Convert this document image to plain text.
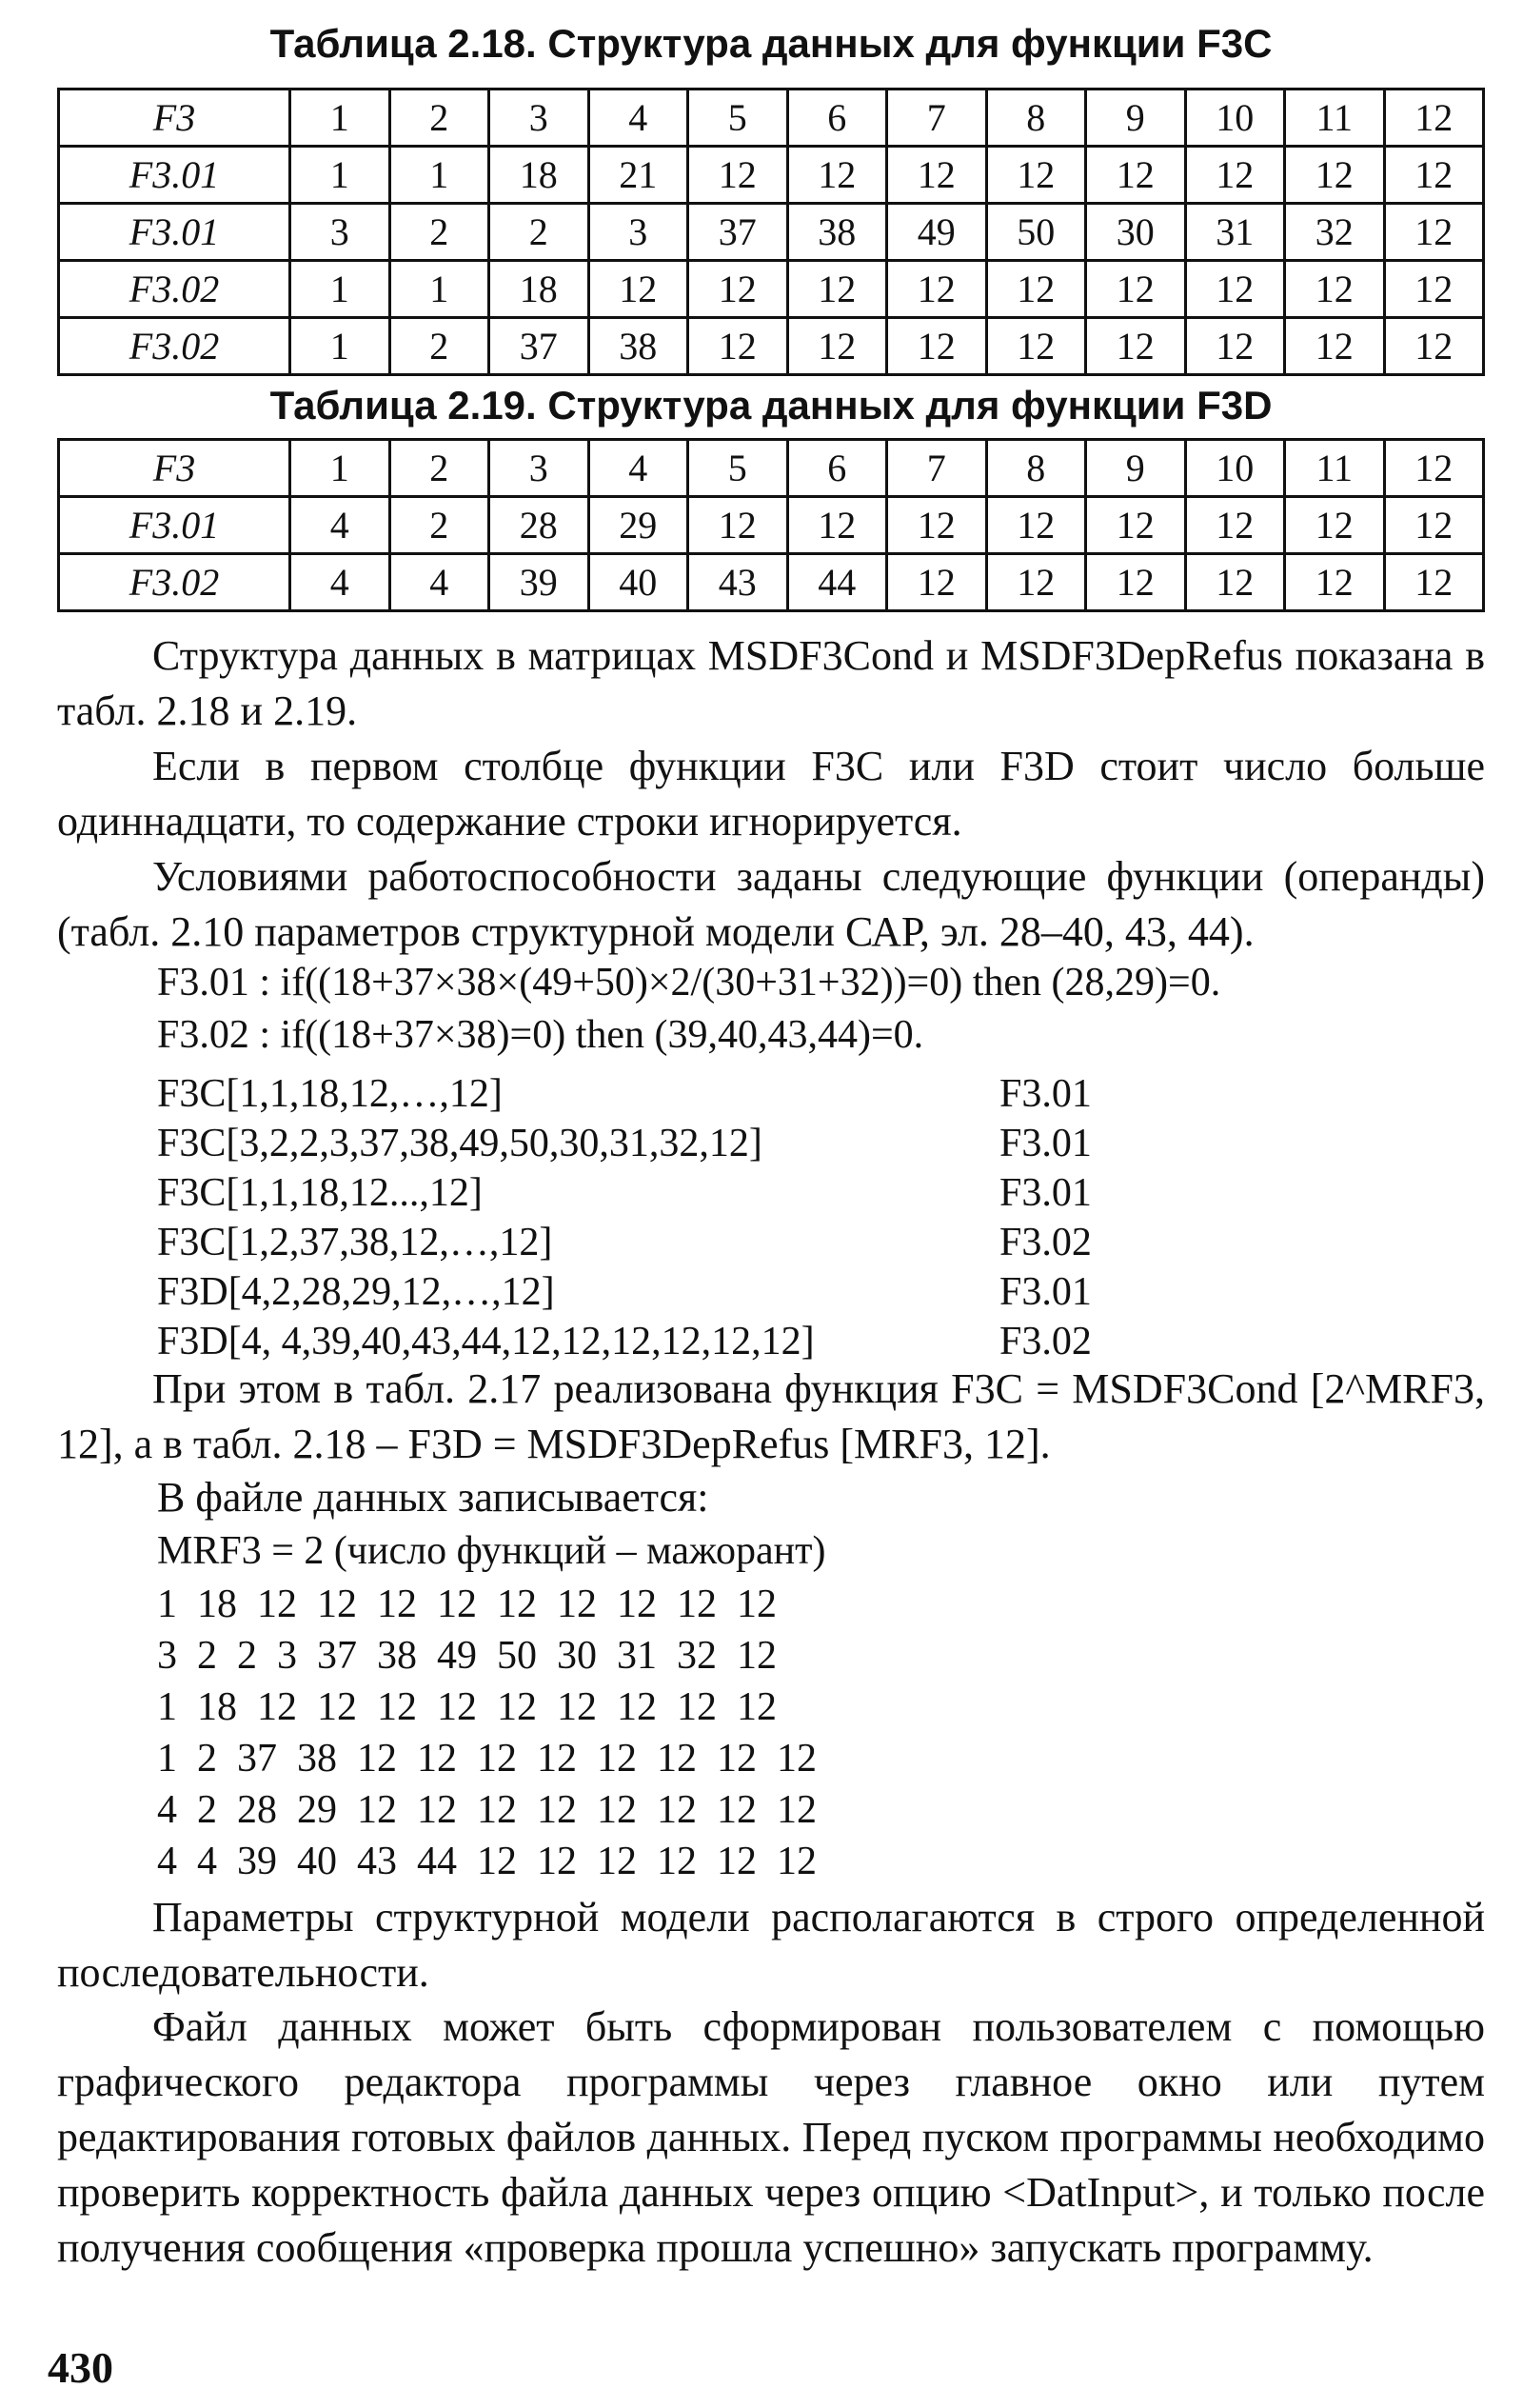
Таблица 2.18. Структура данных для функции F3C
F3	1	2	3	4	5	6	7	8	9	10	11	12
F3.01	1	1	18	21	12	12	12	12	12	12	12	12
F3.01	3	2	2	3	37	38	49	50	30	31	32	12
F3.02	1	1	18	12	12	12	12	12	12	12	12	12
F3.02	1	2	37	38	12	12	12	12	12	12	12	12
Таблица 2.19. Структура данных для функции F3D
F3	1	2	3	4	5	6	7	8	9	10	11	12
F3.01	4	2	28	29	12	12	12	12	12	12	12	12
F3.02	4	4	39	40	43	44	12	12	12	12	12	12
Структура данных в матрицах MSDF3Cond и MSDF3DepRefus показана в табл. 2.18 и 2.19.
Если в первом столбце функции F3C или F3D стоит число больше одиннадцати, то содержание строки игнорируется.
Условиями работоспособности заданы следующие функции (операнды) (табл. 2.10 параметров структурной модели САР, эл. 28–40, 43, 44).
F3.01 : if((18+37×38×(49+50)×2/(30+31+32))=0) then (28,29)=0.
F3.02 : if((18+37×38)=0) then (39,40,43,44)=0.
F3C[1,1,18,12,…,12]	F3.01
F3C[3,2,2,3,37,38,49,50,30,31,32,12]	F3.01
F3C[1,1,18,12...,12]	F3.01
F3C[1,2,37,38,12,…,12]	F3.02
F3D[4,2,28,29,12,…,12]	F3.01
F3D[4, 4,39,40,43,44,12,12,12,12,12,12]	F3.02
При этом в табл. 2.17 реализована функция F3C = MSDF3Cond [2^MRF3, 12], а в табл. 2.18 – F3D = MSDF3DepRefus [MRF3, 12].
В файле данных записывается:
MRF3 = 2 (число функций – мажорант)
1  18  12  12  12  12  12  12  12  12  12
3  2  2  3  37  38  49  50  30  31  32  12
1  18  12  12  12  12  12  12  12  12  12
1  2  37  38  12  12  12  12  12  12  12  12
4  2  28  29  12  12  12  12  12  12  12  12
4  4  39  40  43  44  12  12  12  12  12  12
Параметры структурной модели располагаются в строго определенной последовательности.
Файл данных может быть сформирован пользователем с помощью графического редактора программы через главное окно или путем редактирования готовых файлов данных. Перед пуском программы необходимо проверить корректность файла данных через опцию <DatInput>, и только после получения сообщения «проверка прошла успешно» запускать программу.
430
